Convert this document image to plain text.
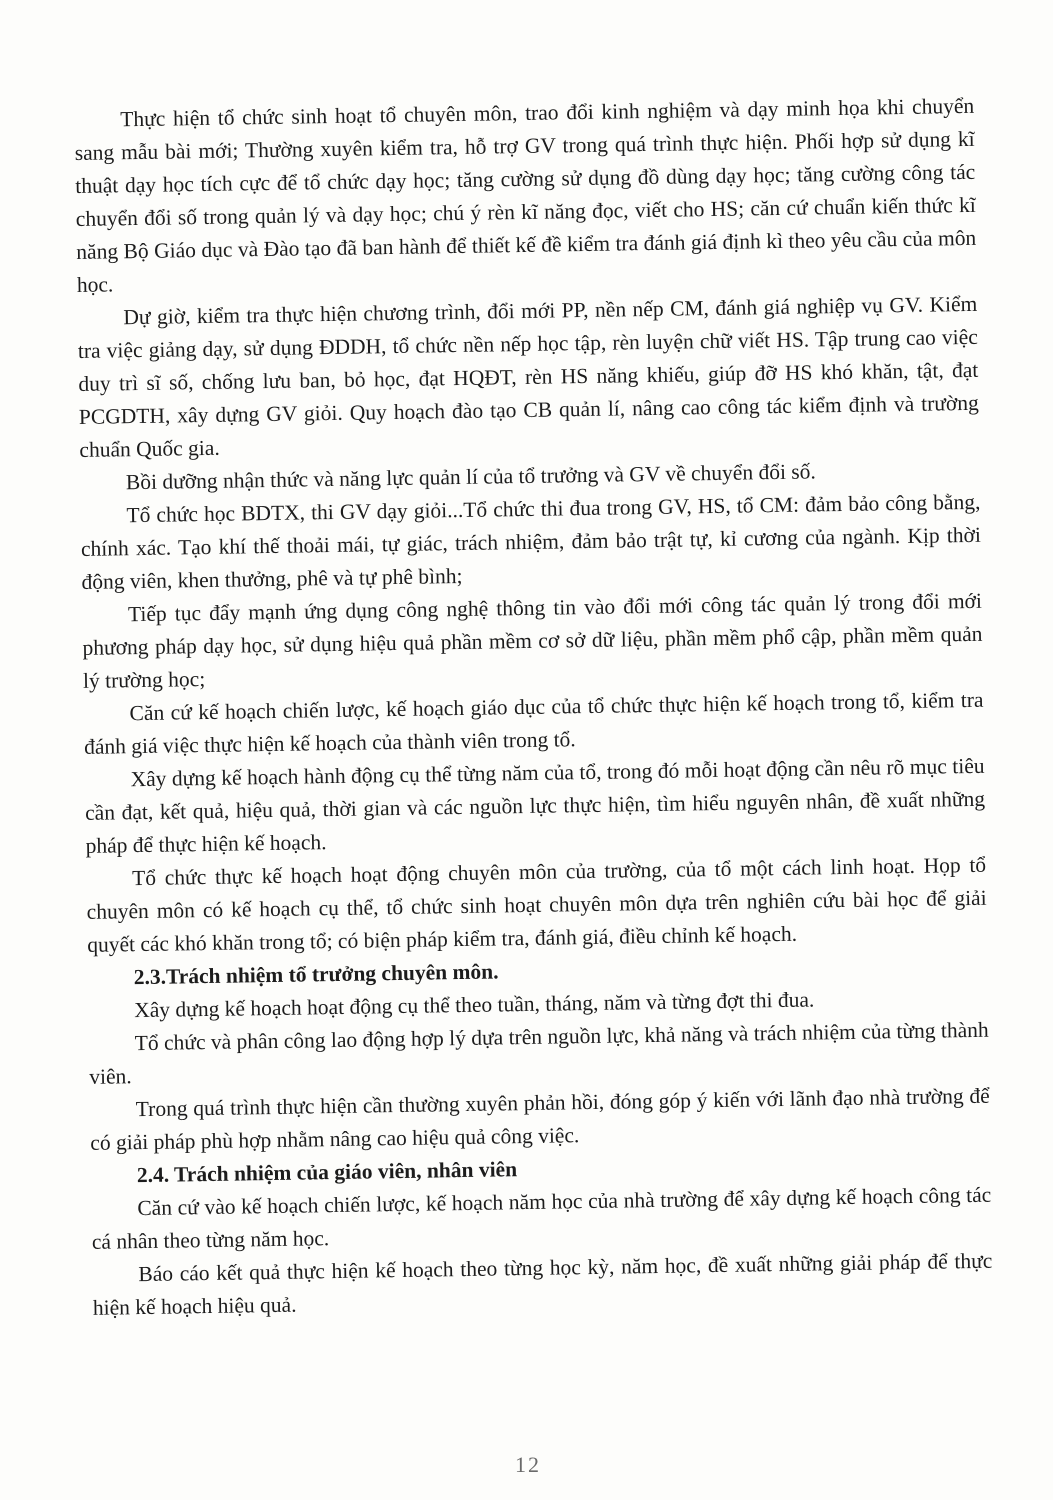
Thực hiện tổ chức sinh hoạt tổ chuyên môn, trao đổi kinh nghiệm và dạy minh họa khi chuyển sang mẫu bài mới; Thường xuyên kiểm tra, hỗ trợ GV trong quá trình thực hiện. Phối hợp sử dụng kĩ thuật dạy học tích cực để tổ chức dạy học; tăng cường sử dụng đồ dùng dạy học; tăng cường công tác chuyển đổi số trong quản lý và dạy học; chú ý rèn kĩ năng đọc, viết cho HS; căn cứ chuẩn kiến thức kĩ năng Bộ Giáo dục và Đào tạo đã ban hành để thiết kế đề kiểm tra đánh giá định kì theo yêu cầu của môn học.

Dự giờ, kiểm tra thực hiện chương trình, đổi mới PP, nền nếp CM, đánh giá nghiệp vụ GV. Kiểm tra việc giảng dạy, sử dụng ĐDDH, tổ chức nền nếp học tập, rèn luyện chữ viết HS. Tập trung cao việc duy trì sĩ số, chống lưu ban, bỏ học, đạt HQĐT, rèn HS năng khiếu, giúp đỡ HS khó khăn, tật, đạt PCGDTH, xây dựng GV giỏi. Quy hoạch đào tạo CB quản lí, nâng cao công tác kiểm định và trường chuẩn Quốc gia.

Bồi dưỡng nhận thức và năng lực quản lí của tổ trưởng và GV về chuyển đổi số.

Tổ chức học BDTX, thi GV dạy giỏi...Tổ chức thi đua trong GV, HS, tổ CM: đảm bảo công bằng, chính xác. Tạo khí thế thoải mái, tự giác, trách nhiệm, đảm bảo trật tự, kỉ cương của ngành. Kịp thời động viên, khen thưởng, phê và tự phê bình;

Tiếp tục đẩy mạnh ứng dụng công nghệ thông tin vào đổi mới công tác quản lý trong đổi mới phương pháp dạy học, sử dụng hiệu quả phần mềm cơ sở dữ liệu, phần mềm phổ cập, phần mềm quản lý trường học;

Căn cứ kế hoạch chiến lược, kế hoạch giáo dục của tổ chức thực hiện kế hoạch trong tổ, kiểm tra đánh giá việc thực hiện kế hoạch của thành viên trong tổ.

Xây dựng kế hoạch hành động cụ thể từng năm của tổ, trong đó mỗi hoạt động cần nêu rõ mục tiêu cần đạt, kết quả, hiệu quả, thời gian và các nguồn lực thực hiện, tìm hiểu nguyên nhân, đề xuất những pháp để thực hiện kế hoạch.

Tổ chức thực kế hoạch hoạt động chuyên môn của trường, của tổ một cách linh hoạt. Họp tổ chuyên môn có kế hoạch cụ thể, tổ chức sinh hoạt chuyên môn dựa trên nghiên cứu bài học để giải quyết các khó khăn trong tổ; có biện pháp kiểm tra, đánh giá, điều chỉnh kế hoạch.

2.3.Trách nhiệm tổ trưởng chuyên môn.

Xây dựng kế hoạch hoạt động cụ thể theo tuần, tháng, năm và từng đợt thi đua.

Tổ chức và phân công lao động hợp lý dựa trên nguồn lực, khả năng và trách nhiệm của từng thành viên.

Trong quá trình thực hiện cần thường xuyên phản hồi, đóng góp ý kiến với lãnh đạo nhà trường để có giải pháp phù hợp nhằm nâng cao hiệu quả công việc.

2.4. Trách nhiệm của giáo viên, nhân viên

Căn cứ vào kế hoạch chiến lược, kế hoạch năm học của nhà trường để xây dựng kế hoạch công tác cá nhân theo từng năm học.

Báo cáo kết quả thực hiện kế hoạch theo từng học kỳ, năm học, đề xuất những giải pháp để thực hiện kế hoạch hiệu quả.

12
